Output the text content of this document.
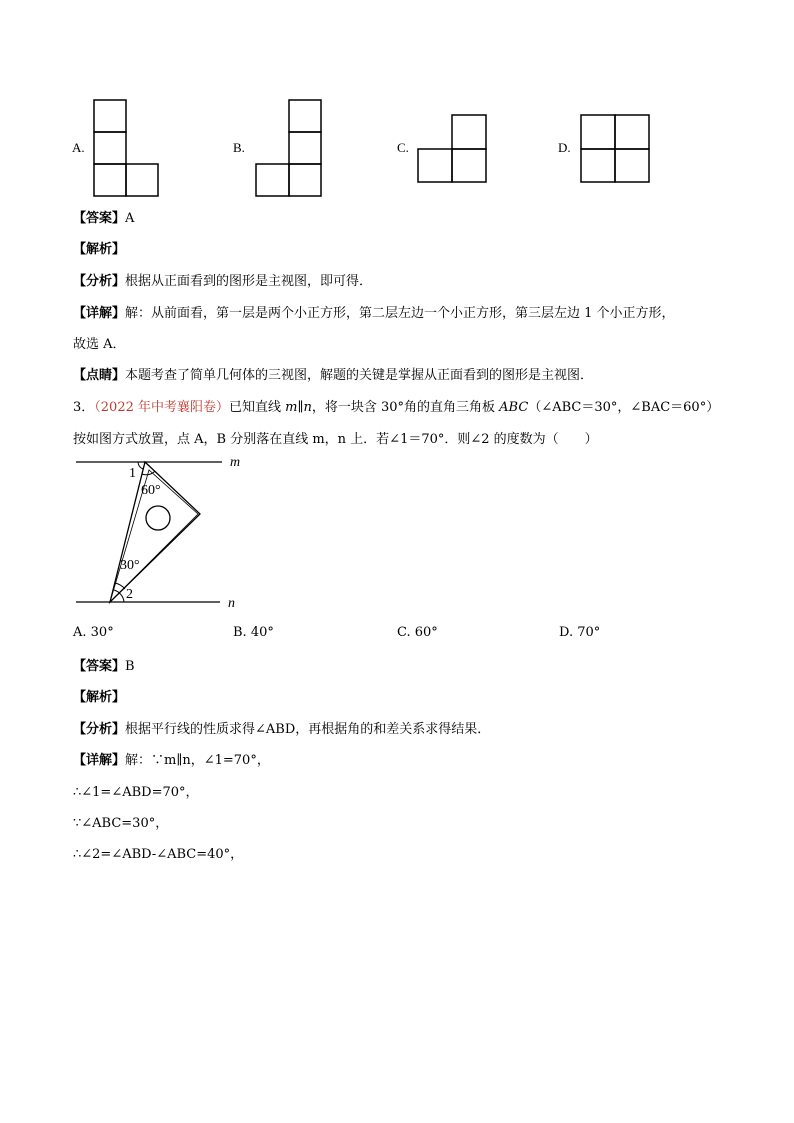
A.	B.	C.	D.
【答案】A
【解析】
【分析】根据从正面看到的图形是主视图，即可得．
【详解】解：从前面看，第一层是两个小正方形，第二层左边一个小正方形，第三层左边 1 个小正方形，
故选 A．
【点睛】本题考查了简单几何体的三视图，解题的关键是掌握从正面看到的图形是主视图．
3．（2022 年中考襄阳卷）已知直线 m∥n，将一块含 30°角的直角三角板 ABC（∠ABC＝30°，∠BAC＝60°）
按如图方式放置，点 A，B 分别落在直线 m，n 上．若∠1＝70°．则∠2 的度数为（　　）
1
60°
30°
2
m
n
A. 30°	B. 40°	C. 60°	D. 70°
【答案】B
【解析】
【分析】根据平行线的性质求得∠ABD，再根据角的和差关系求得结果．
【详解】解：∵m∥n，∠1=70°，
∴∠1=∠ABD=70°，
∵∠ABC=30°，
∴∠2=∠ABD-∠ABC=40°，
